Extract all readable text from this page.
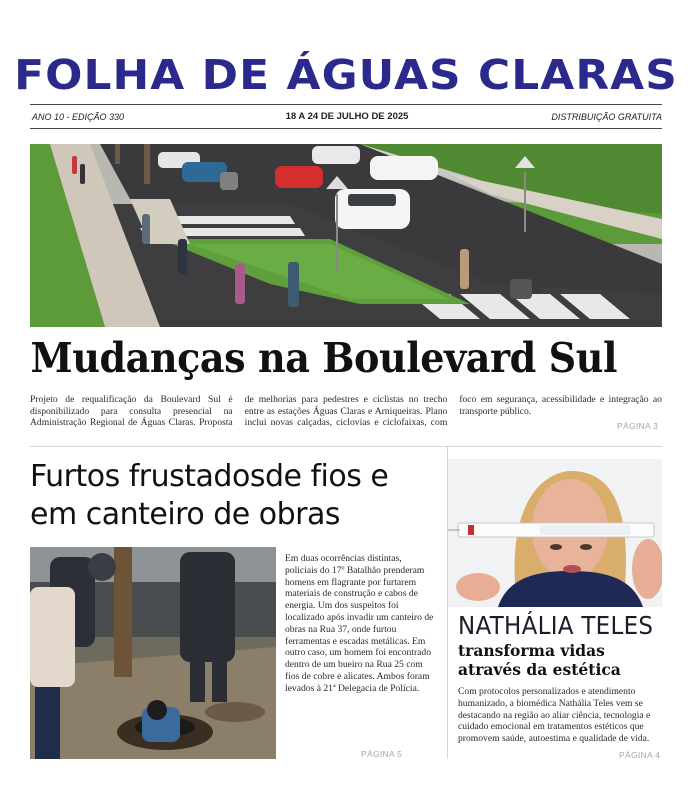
FOLHA DE ÁGUAS CLARAS
ANO 10 - EDIÇÃO 330	18 A 24 DE JULHO DE 2025	DISTRIBUIÇÃO GRATUITA
Mudanças na Boulevard Sul
Projeto de requalificação da Boulevard Sul é disponibilizado para consulta presencial na Administração Regional de Águas Claras. Proposta de melhorias para pedestres e ciclistas no trecho entre as estações Águas Claras e Arniqueiras. Plano inclui novas calçadas, ciclovias e ciclofaixas, com foco em segurança, acessibilidade e integração ao transporte público.
PÁGINA 3
Furtos frustadosde fios e em canteiro de obras
Em duas ocorrências distintas, policiais do 17º Batalhão prenderam homens em flagrante por furtarem materiais de construção e cabos de energia. Um dos suspeitos foi localizado após invadir um canteiro de obras na Rua 37, onde furtou ferramentas e escadas metálicas. Em outro caso, um homem foi encontrado dentro de um bueiro na Rua 25 com fios de cobre e alicates. Ambos foram levados à 21ª Delegacia de Polícia.
PÁGINA 5
NATHÁLIA TELES
transforma vidas através da estética
Com protocolos personalizados e atendimento humanizado, a biomédica Nathália Teles vem se destacando na região ao aliar ciência, tecnologia e cuidado emocional em tratamentos estéticos que promovem saúde, autoestima e qualidade de vida.
PÁGINA 4
